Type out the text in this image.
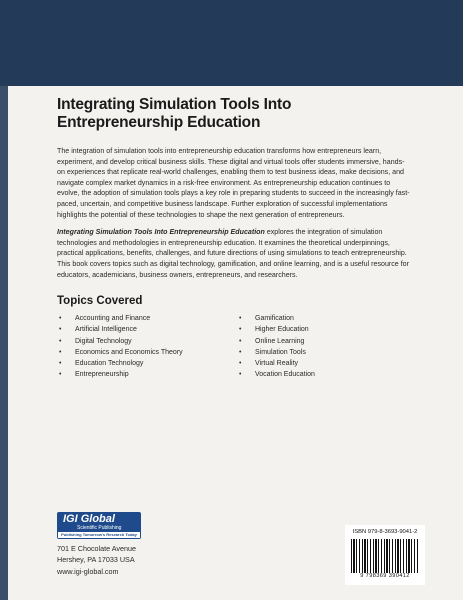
Integrating Simulation Tools Into
Entrepreneurship Education

The integration of simulation tools into entrepreneurship education transforms how entrepreneurs learn, experiment, and develop critical business skills. These digital and virtual tools offer students immersive, hands-on experiences that replicate real-world challenges, enabling them to test business ideas, make decisions, and navigate complex market dynamics in a risk-free environment. As entrepreneurship education continues to evolve, the adoption of simulation tools plays a key role in preparing students to succeed in the increasingly fast-paced, uncertain, and competitive business landscape. Further exploration of successful implementations highlights the potential of these technologies to shape the next generation of entrepreneurs.

Integrating Simulation Tools Into Entrepreneurship Education explores the integration of simulation technologies and methodologies in entrepreneurship education. It examines the theoretical underpinnings, practical applications, benefits, challenges, and future directions of using simulations to teach entrepreneurship. This book covers topics such as digital technology, gamification, and online learning, and is a useful resource for educators, academicians, business owners, entrepreneurs, and researchers.

Topics Covered
• Accounting and Finance
• Artificial Intelligence
• Digital Technology
• Economics and Economics Theory
• Education Technology
• Entrepreneurship
• Gamification
• Higher Education
• Online Learning
• Simulation Tools
• Virtual Reality
• Vocation Education
IGI Global
Scientific Publishing
Publishing Tomorrow's Research Today
701 E Chocolate Avenue
Hershey, PA 17033 USA
www.igi-global.com
ISBN 979-8-3693-9041-2
9 798369 390412
